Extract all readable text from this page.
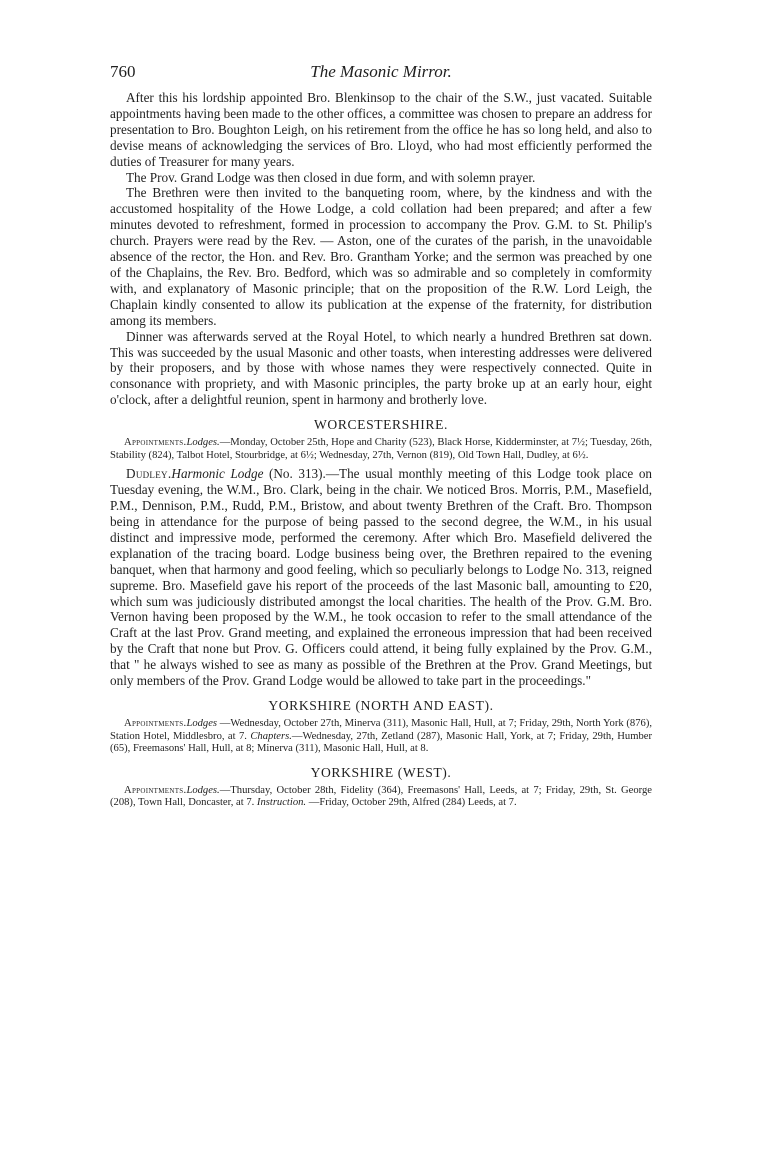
760	The Masonic Mirror.

After this his lordship appointed Bro. Blenkinsop to the chair of the S.W., just vacated. Suitable appointments having been made to the other offices, a committee was chosen to prepare an address for presentation to Bro. Boughton Leigh, on his retirement from the office he has so long held, and also to devise means of acknowledging the services of Bro. Lloyd, who had most efficiently performed the duties of Treasurer for many years.

The Prov. Grand Lodge was then closed in due form, and with solemn prayer.

The Brethren were then invited to the banqueting room, where, by the kindness and with the accustomed hospitality of the Howe Lodge, a cold collation had been prepared; and after a few minutes devoted to refreshment, formed in procession to accompany the Prov. G.M. to St. Philip's church. Prayers were read by the Rev. — Aston, one of the curates of the parish, in the unavoidable absence of the rector, the Hon. and Rev. Bro. Grantham Yorke; and the sermon was preached by one of the Chaplains, the Rev. Bro. Bedford, which was so admirable and so completely in comformity with, and explanatory of Masonic principle; that on the proposition of the R.W. Lord Leigh, the Chaplain kindly consented to allow its publication at the expense of the fraternity, for distribution among its members.

Dinner was afterwards served at the Royal Hotel, to which nearly a hundred Brethren sat down. This was succeeded by the usual Masonic and other toasts, when interesting addresses were delivered by their proposers, and by those with whose names they were respectively connected. Quite in consonance with propriety, and with Masonic principles, the party broke up at an early hour, eight o'clock, after a delightful reunion, spent in harmony and brotherly love.

WORCESTERSHIRE.

Appointments.Lodges.—Monday, October 25th, Hope and Charity (523), Black Horse, Kidderminster, at 7½; Tuesday, 26th, Stability (824), Talbot Hotel, Stourbridge, at 6½; Wednesday, 27th, Vernon (819), Old Town Hall, Dudley, at 6½.

Dudley.Harmonic Lodge (No. 313).—The usual monthly meeting of this Lodge took place on Tuesday evening, the W.M., Bro. Clark, being in the chair. We noticed Bros. Morris, P.M., Masefield, P.M., Dennison, P.M., Rudd, P.M., Bristow, and about twenty Brethren of the Craft. Bro. Thompson being in attendance for the purpose of being passed to the second degree, the W.M., in his usual distinct and impressive mode, performed the ceremony. After which Bro. Masefield delivered the explanation of the tracing board. Lodge business being over, the Brethren repaired to the evening banquet, when that harmony and good feeling, which so peculiarly belongs to Lodge No. 313, reigned supreme. Bro. Masefield gave his report of the proceeds of the last Masonic ball, amounting to £20, which sum was judiciously distributed amongst the local charities. The health of the Prov. G.M. Bro. Vernon having been proposed by the W.M., he took occasion to refer to the small attendance of the Craft at the last Prov. Grand meeting, and explained the erroneous impression that had been received by the Craft that none but Prov. G. Officers could attend, it being fully explained by the Prov. G.M., that " he always wished to see as many as possible of the Brethren at the Prov. Grand Meetings, but only members of the Prov. Grand Lodge would be allowed to take part in the proceedings."

YORKSHIRE (NORTH AND EAST).

Appointments.Lodges —Wednesday, October 27th, Minerva (311), Masonic Hall, Hull, at 7; Friday, 29th, North York (876), Station Hotel, Middlesbro, at 7. Chapters.—Wednesday, 27th, Zetland (287), Masonic Hall, York, at 7; Friday, 29th, Humber (65), Freemasons' Hall, Hull, at 8; Minerva (311), Masonic Hall, Hull, at 8.

YORKSHIRE (WEST).

Appointments.Lodges.—Thursday, October 28th, Fidelity (364), Freemasons' Hall, Leeds, at 7; Friday, 29th, St. George (208), Town Hall, Doncaster, at 7. Instruction. —Friday, October 29th, Alfred (284) Leeds, at 7.
